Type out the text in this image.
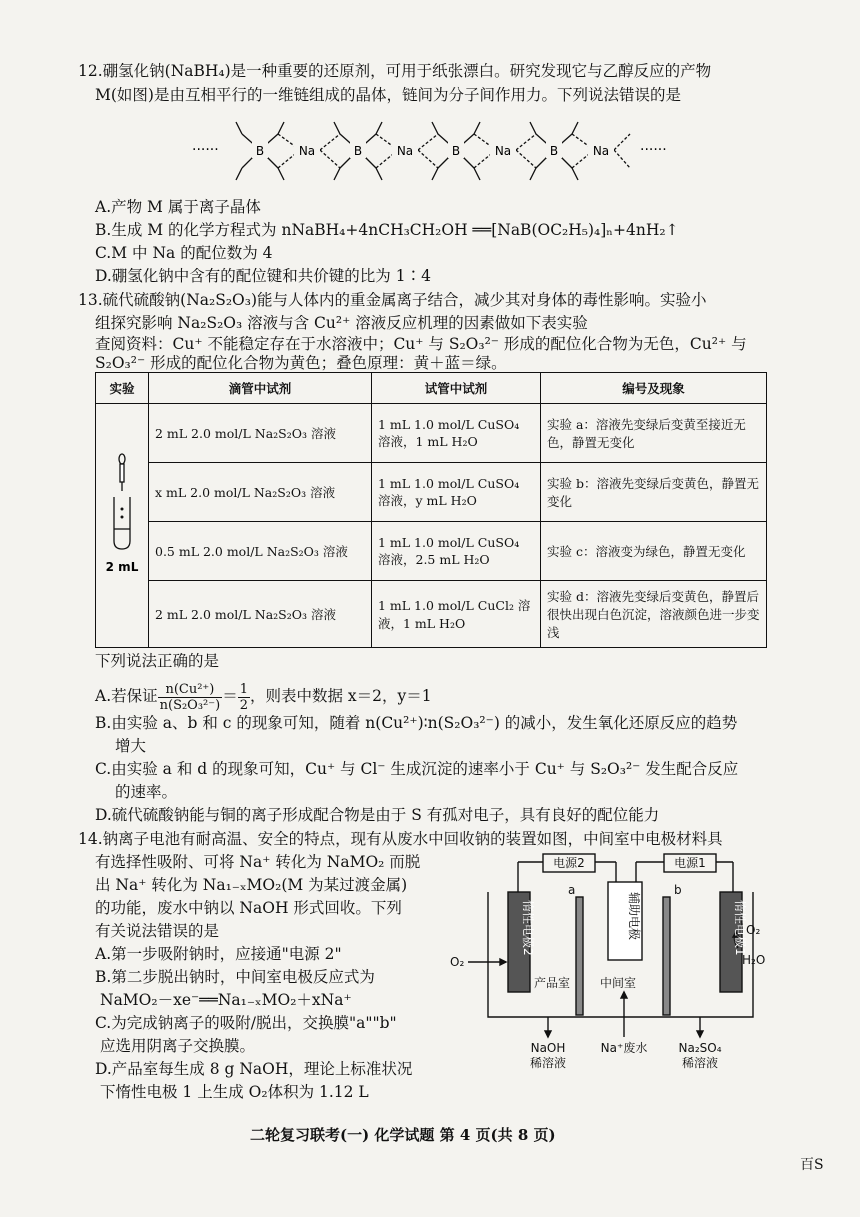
12.硼氢化钠(NaBH₄)是一种重要的还原剂，可用于纸张漂白。研究发现它与乙醇反应的产物
M(如图)是由互相平行的一维链组成的晶体，链间为分子间作用力。下列说法错误的是
······	······
B	Na	B	Na	B	Na	B	Na
A.产物 M 属于离子晶体
B.生成 M 的化学方程式为 nNaBH₄+4nCH₃CH₂OH ══[NaB(OC₂H₅)₄]ₙ+4nH₂↑
C.M 中 Na 的配位数为 4
D.硼氢化钠中含有的配位键和共价键的比为 1∶4
13.硫代硫酸钠(Na₂S₂O₃)能与人体内的重金属离子结合，减少其对身体的毒性影响。实验小
组探究影响 Na₂S₂O₃ 溶液与含 Cu²⁺ 溶液反应机理的因素做如下表实验
查阅资料：Cu⁺ 不能稳定存在于水溶液中；Cu⁺ 与 S₂O₃²⁻ 形成的配位化合物为无色，Cu²⁺ 与
S₂O₃²⁻ 形成的配位化合物为黄色；叠色原理：黄＋蓝＝绿。
实验	滴管中试剂	试管中试剂	编号及现象

2 mL	2 mL 2.0 mol/L Na₂S₂O₃ 溶液	1 mL 1.0 mol/L CuSO₄ 溶液，1 mL H₂O	实验 a：溶液先变绿后变黄至接近无色，静置无变化
	x mL 2.0 mol/L Na₂S₂O₃ 溶液	1 mL 1.0 mol/L CuSO₄ 溶液，y mL H₂O	实验 b：溶液先变绿后变黄色，静置无变化
	0.5 mL 2.0 mol/L Na₂S₂O₃ 溶液	1 mL 1.0 mol/L CuSO₄ 溶液，2.5 mL H₂O	实验 c：溶液变为绿色，静置无变化
	2 mL 2.0 mol/L Na₂S₂O₃ 溶液	1 mL 1.0 mol/L CuCl₂ 溶液，1 mL H₂O	实验 d：溶液先变绿后变黄色，静置后很快出现白色沉淀，溶液颜色进一步变浅
下列说法正确的是
A.若保证 $\frac{\text{n(Cu²⁺)}}{\text{n(S₂O₃²⁻)}} = \frac{1}{2}$ ，则表中数据 x＝2，y＝1
B.由实验 a、b 和 c 的现象可知，随着 n(Cu²⁺)∶n(S₂O₃²⁻) 的减小，发生氧化还原反应的趋势
增大
C.由实验 a 和 d 的现象可知，Cu⁺ 与 Cl⁻ 生成沉淀的速率小于 Cu⁺ 与 S₂O₃²⁻ 发生配合反应
的速率。
D.硫代硫酸钠能与铜的离子形成配合物是由于 S 有孤对电子，具有良好的配位能力
14.钠离子电池有耐高温、安全的特点，现有从废水中回收钠的装置如图，中间室中电极材料具
有选择性吸附、可将 Na⁺ 转化为 NaMO₂ 而脱
出 Na⁺ 转化为 Na₁₋ₓMO₂(M 为某过渡金属)
的功能，废水中钠以 NaOH 形式回收。下列
有关说法错误的是
A.第一步吸附钠时，应接通"电源 2"
B.第二步脱出钠时，中间室电极反应式为
NaMO₂－xe⁻══Na₁₋ₓMO₂＋xNa⁺
C.为完成钠离子的吸附/脱出，交换膜"a""b"
应选用阴离子交换膜。
D.产品室每生成 8 g NaOH，理论上标准状况
下惰性电极 1 上生成 O₂体积为 1.12 L
电源2	电源1
a	b
O₂
O₂
H₂O
产品室 中间室
NaOH
稀溶液
Na⁺废水	Na₂SO₄
稀溶液
惰性电极2	惰性电极1
辅助电极
二轮复习联考(一) 化学试题 第 4 页(共 8 页)
百S
